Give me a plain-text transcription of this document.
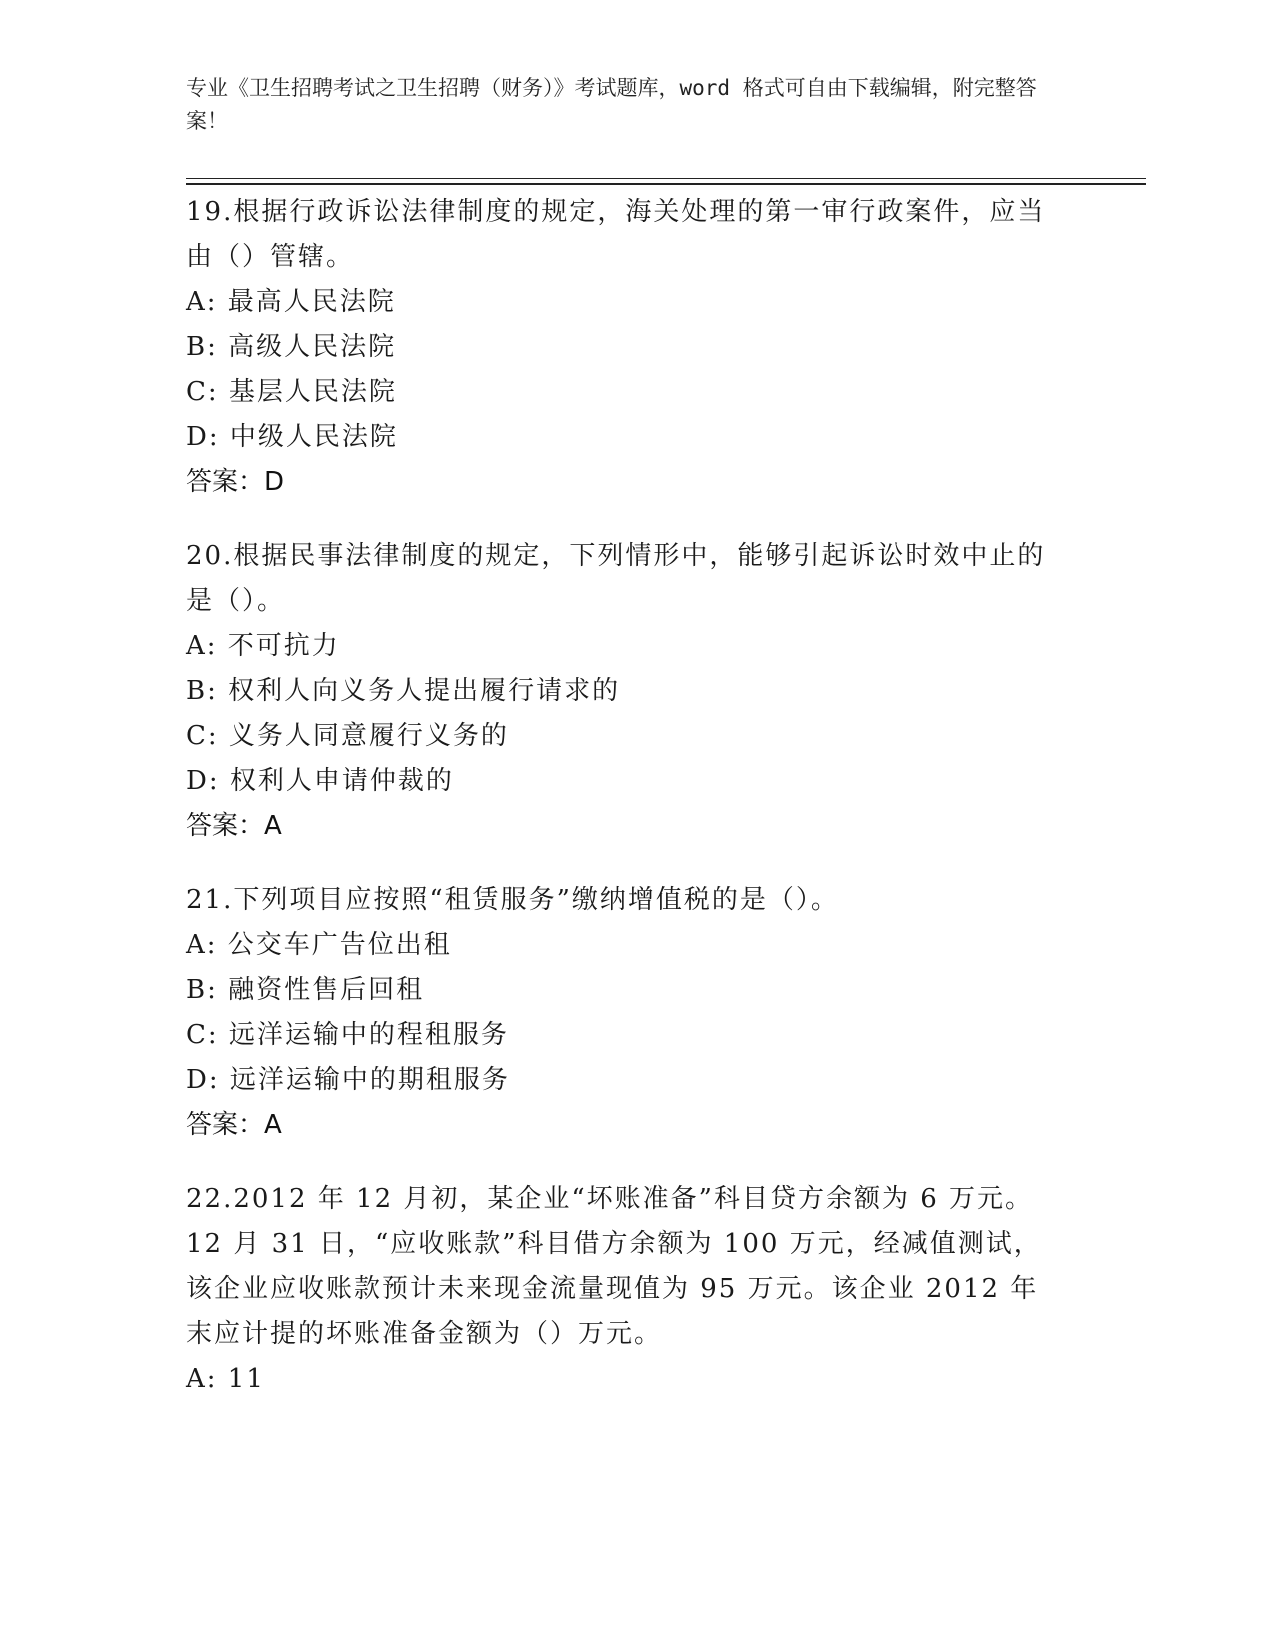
专业《卫生招聘考试之卫生招聘（财务）》考试题库，word 格式可自由下载编辑，附完整答案！
19.根据行政诉讼法律制度的规定，海关处理的第一审行政案件，应当由（）管辖。
A: 最高人民法院
B: 高级人民法院
C: 基层人民法院
D: 中级人民法院
答案：D
20.根据民事法律制度的规定，下列情形中，能够引起诉讼时效中止的是（）。
A: 不可抗力
B: 权利人向义务人提出履行请求的
C: 义务人同意履行义务的
D: 权利人申请仲裁的
答案：A
21.下列项目应按照“租赁服务”缴纳增值税的是（）。
A: 公交车广告位出租
B: 融资性售后回租
C: 远洋运输中的程租服务
D: 远洋运输中的期租服务
答案：A
22.2012 年 12 月初，某企业“坏账准备”科目贷方余额为 6 万元。12 月 31 日，“应收账款”科目借方余额为 100 万元，经减值测试，该企业应收账款预计未来现金流量现值为 95 万元。该企业 2012 年末应计提的坏账准备金额为（）万元。
A: 11
